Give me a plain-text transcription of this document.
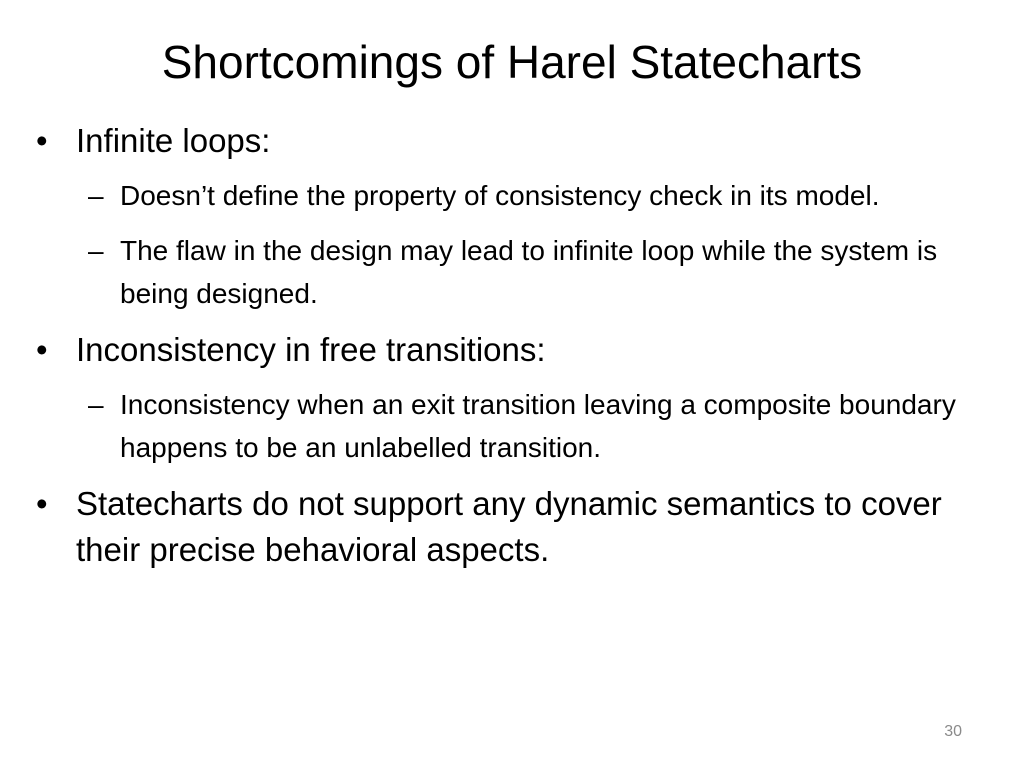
Shortcomings of Harel Statecharts
• Infinite loops:
– Doesn’t define the property of consistency check in its model.
– The flaw in the design may lead to infinite loop while the system is being designed.
• Inconsistency in free transitions:
– Inconsistency when an exit transition leaving a composite boundary happens to be an unlabelled transition.
• Statecharts do not support any dynamic semantics to cover their precise behavioral aspects.
30
